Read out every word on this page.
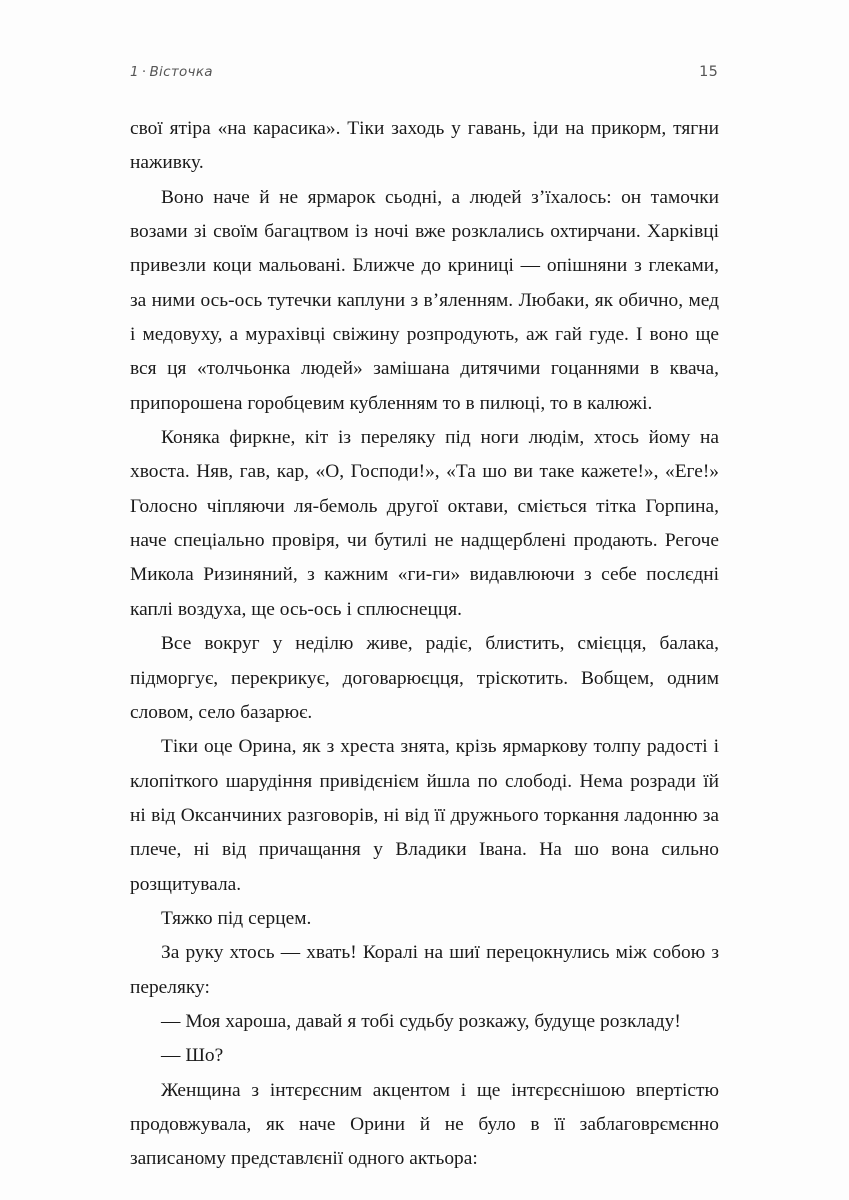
1 · Вісточка	15

свої ятіра «на карасика». Тіки заходь у гавань, іди на прикорм, тягни наживку.

Воно наче й не ярмарок сьодні, а людей з’їхалось: он тамочки возами зі своїм багацтвом із ночі вже розклались охтирчани. Харківці привезли коци мальовані. Ближче до криниці — опішняни з глеками, за ними ось-ось тутечки каплуни з в’яленням. Любаки, як обично, мед і медовуху, а мурахівці свіжину розпродують, аж гай гуде. І воно ще вся ця «толчьонка людей» замішана дитячими гоцаннями в квача, припорошена горобцевим кубленням то в пилюці, то в калюжі.

Коняка фиркне, кіт із переляку під ноги людім, хтось йому на хвоста. Няв, гав, кар, «О, Господи!», «Та шо ви таке кажете!», «Еге!» Голосно чіпляючи ля-бемоль другої октави, сміється тітка Горпина, наче спеціально провіря, чи бутилі не надщерблені продають. Регоче Микола Ризиняний, з кажним «ги-ги» видавлюючи з себе послєдні каплі воздуха, ще ось-ось і сплюснецця.

Все вокруг у неділю живе, радіє, блистить, смієцця, балака, підморгує, перекрикує, договарюєцця, тріскотить. Вобщем, одним словом, село базарює.

Тіки оце Орина, як з хреста знята, крізь ярмаркову толпу радості і клопіткого шарудіння привідєнієм йшла по слободі. Нема розради їй ні від Оксанчиних разговорів, ні від її дружнього торкання ладонню за плече, ні від причащання у Владики Івана. На шо вона сильно розщитувала.

Тяжко під серцем.

За руку хтось — хвать! Коралі на шиї перецокнулись між собою з переляку:

— Моя хароша, давай я тобі судьбу розкажу, будуще розкладу!

— Шо?

Женщина з інтєрєсним акцентом і ще інтєрєснішою впертістю продовжувала, як наче Орини й не було в її заблаговрємєнно записаному представлєнії одного актьора:
